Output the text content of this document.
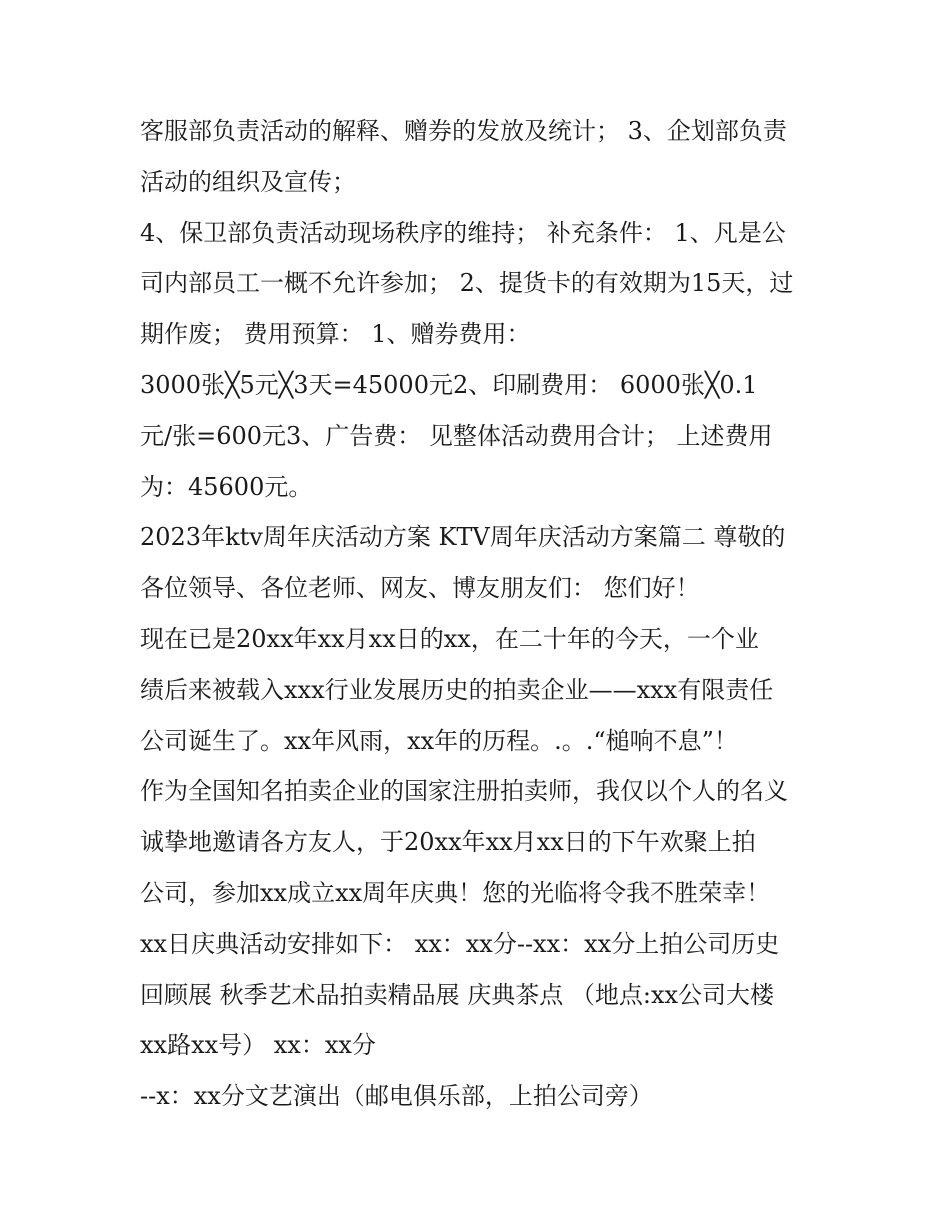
客服部负责活动的解释、赠券的发放及统计； 3、企划部负责
活动的组织及宣传；
4、保卫部负责活动现场秩序的维持； 补充条件： 1、凡是公
司内部员工一概不允许参加； 2、提货卡的有效期为15天，过
期作废； 费用预算： 1、赠券费用：
3000张╳5元╳3天=45000元2、印刷费用： 6000张╳0.1
元/张=600元3、广告费： 见整体活动费用合计； 上述费用
为：45600元。
2023年ktv周年庆活动方案 KTV周年庆活动方案篇二 尊敬的
各位领导、各位老师、网友、博友朋友们： 您们好！
现在已是20xx年xx月xx日的xx，在二十年的今天，一个业
绩后来被载入xxx行业发展历史的拍卖企业——xxx有限责任
公司诞生了。xx年风雨，xx年的历程。.。.“槌响不息”！
作为全国知名拍卖企业的国家注册拍卖师，我仅以个人的名义
诚挚地邀请各方友人，于20xx年xx月xx日的下午欢聚上拍
公司，参加xx成立xx周年庆典！您的光临将令我不胜荣幸！
xx日庆典活动安排如下： xx：xx分--xx：xx分上拍公司历史
回顾展 秋季艺术品拍卖精品展 庆典茶点 （地点:xx公司大楼
xx路xx号） xx：xx分
--x：xx分文艺演出（邮电俱乐部，上拍公司旁）
